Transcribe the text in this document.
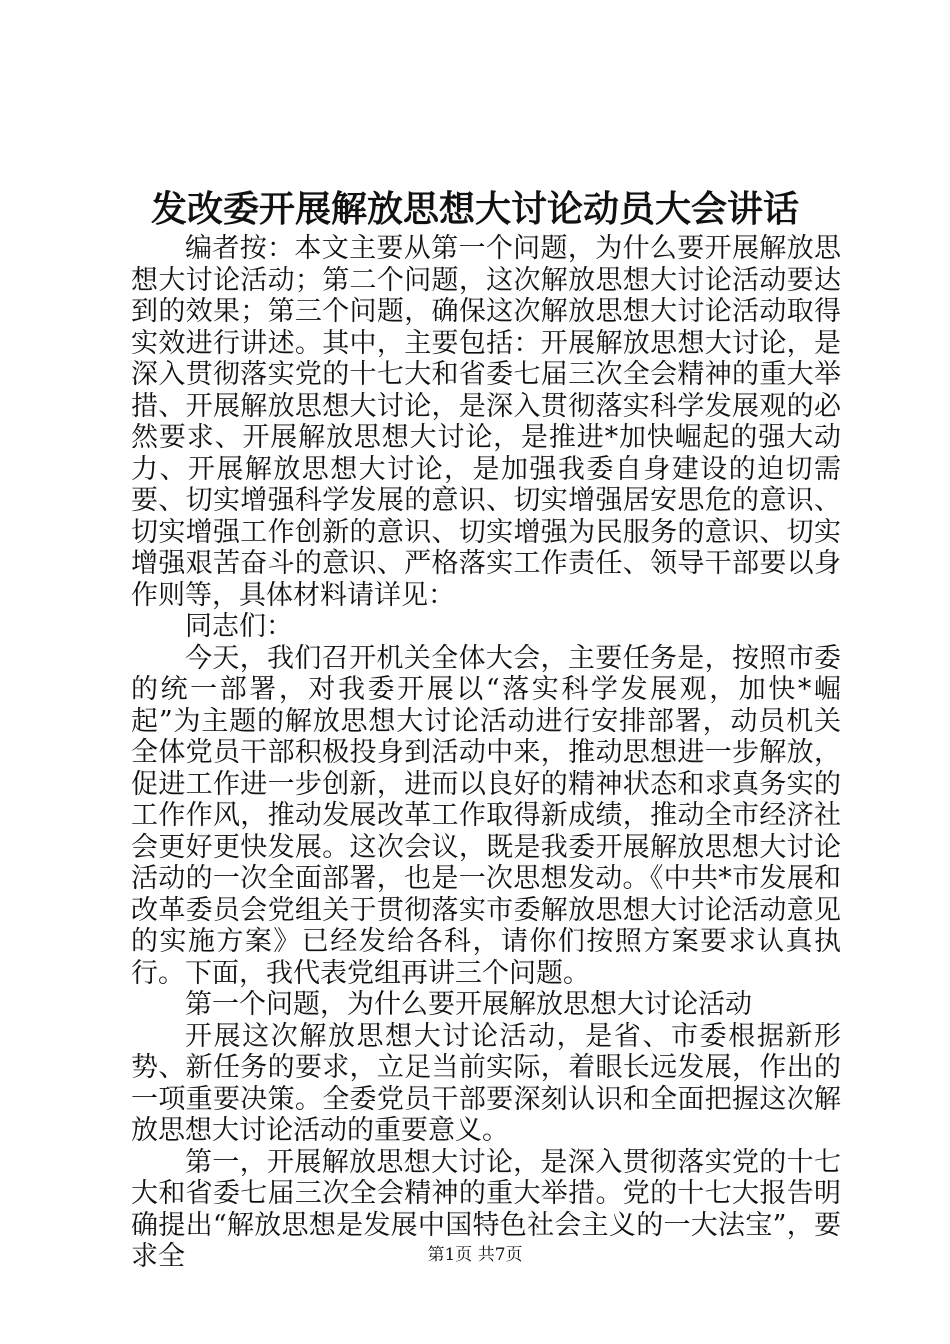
发改委开展解放思想大讨论动员大会讲话

编者按：本文主要从第一个问题，为什么要开展解放思想大讨论活动；第二个问题，这次解放思想大讨论活动要达到的效果；第三个问题，确保这次解放思想大讨论活动取得实效进行讲述。其中，主要包括：开展解放思想大讨论，是深入贯彻落实党的十七大和省委七届三次全会精神的重大举措、开展解放思想大讨论，是深入贯彻落实科学发展观的必然要求、开展解放思想大讨论，是推进*加快崛起的强大动力、开展解放思想大讨论，是加强我委自身建设的迫切需要、切实增强科学发展的意识、切实增强居安思危的意识、切实增强工作创新的意识、切实增强为民服务的意识、切实增强艰苦奋斗的意识、严格落实工作责任、领导干部要以身作则等，具体材料请详见：

同志们：

今天，我们召开机关全体大会，主要任务是，按照市委的统一部署，对我委开展以“落实科学发展观，加快*崛起”为主题的解放思想大讨论活动进行安排部署，动员机关全体党员干部积极投身到活动中来，推动思想进一步解放，促进工作进一步创新，进而以良好的精神状态和求真务实的工作作风，推动发展改革工作取得新成绩，推动全市经济社会更好更快发展。这次会议，既是我委开展解放思想大讨论活动的一次全面部署，也是一次思想发动。《中共*市发展和改革委员会党组关于贯彻落实市委解放思想大讨论活动意见的实施方案》已经发给各科，请你们按照方案要求认真执行。下面，我代表党组再讲三个问题。

第一个问题，为什么要开展解放思想大讨论活动

开展这次解放思想大讨论活动，是省、市委根据新形势、新任务的要求，立足当前实际，着眼长远发展，作出的一项重要决策。全委党员干部要深刻认识和全面把握这次解放思想大讨论活动的重要意义。

第一，开展解放思想大讨论，是深入贯彻落实党的十七大和省委七届三次全会精神的重大举措。党的十七大报告明确提出“解放思想是发展中国特色社会主义的一大法宝”，要求全	第1页 共7页
